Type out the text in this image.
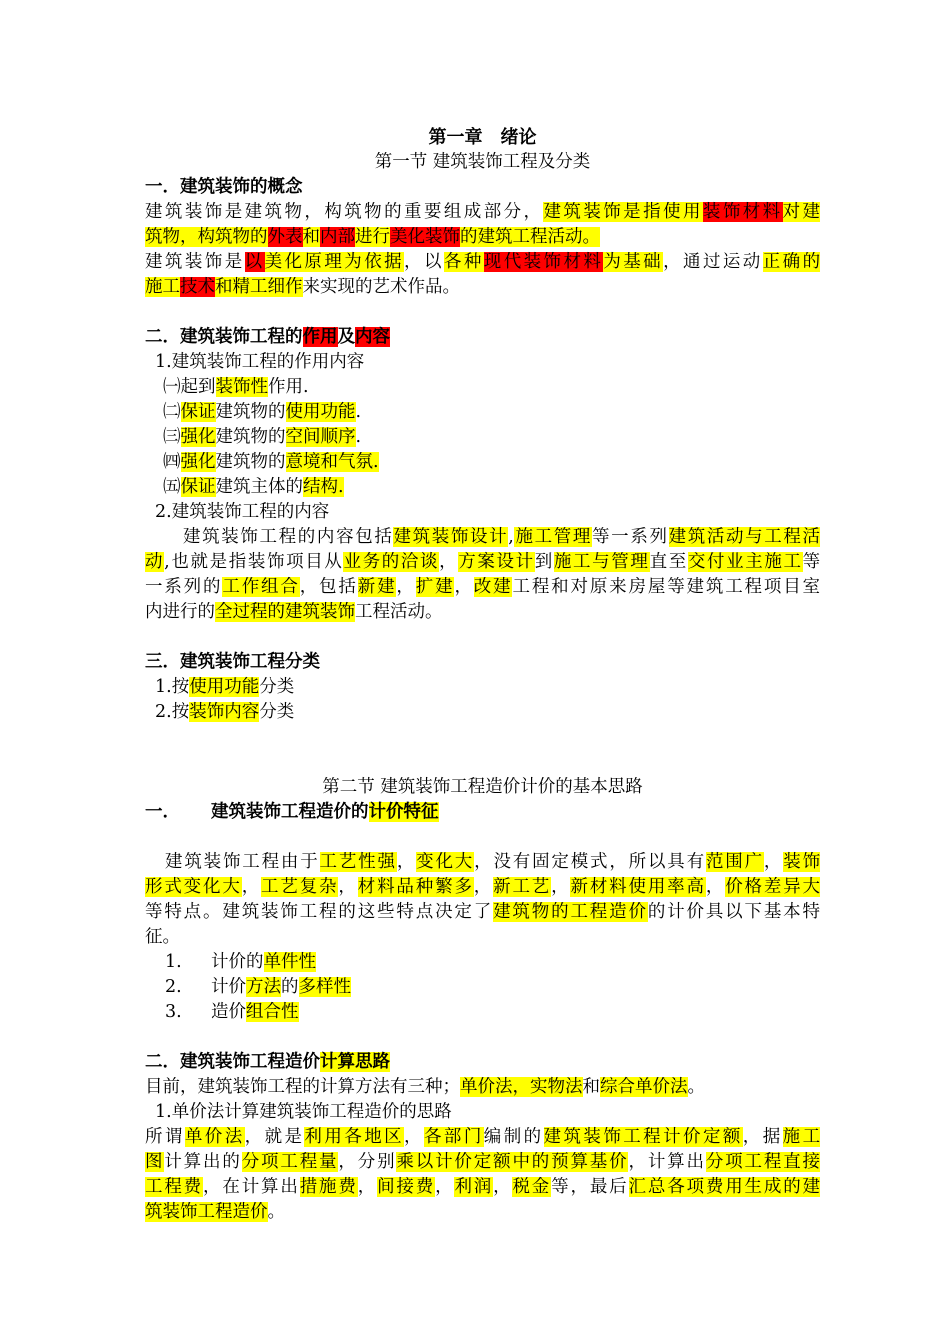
第一章　绪论
第一节 建筑装饰工程及分类
一．建筑装饰的概念
建筑装饰是建筑物，构筑物的重要组成部分，建筑装饰是指使用装饰材料对建
筑物，构筑物的外表和内部进行美化装饰的建筑工程活动。
建筑装饰是以美化原理为依据，以各种现代装饰材料为基础，通过运动正确的
施工技术和精工细作来实现的艺术作品。
二．建筑装饰工程的作用及内容
1.建筑装饰工程的作用内容
㈠起到装饰性作用.
㈡保证建筑物的使用功能.
㈢强化建筑物的空间顺序.
㈣强化建筑物的意境和气氛.
㈤保证建筑主体的结构.
2.建筑装饰工程的内容
建筑装饰工程的内容包括建筑装饰设计,施工管理等一系列建筑活动与工程活
动,也就是指装饰项目从业务的洽谈，方案设计到施工与管理直至交付业主施工等
一系列的工作组合，包括新建，扩建，改建工程和对原来房屋等建筑工程项目室
内进行的全过程的建筑装饰工程活动。
三．建筑装饰工程分类
1.按使用功能分类
2.按装饰内容分类
第二节 建筑装饰工程造价计价的基本思路
一． 建筑装饰工程造价的计价特征
建筑装饰工程由于工艺性强，变化大，没有固定模式，所以具有范围广，装饰
形式变化大，工艺复杂，材料品种繁多，新工艺，新材料使用率高，价格差异大
等特点。建筑装饰工程的这些特点决定了建筑物的工程造价的计价具以下基本特
征。
1. 计价的单件性
2. 计价方法的多样性
3. 造价组合性
二．建筑装饰工程造价计算思路
目前，建筑装饰工程的计算方法有三种；单价法，实物法和综合单价法。
1.单价法计算建筑装饰工程造价的思路
所谓单价法，就是利用各地区，各部门编制的建筑装饰工程计价定额，据施工
图计算出的分项工程量，分别乘以计价定额中的预算基价，计算出分项工程直接
工程费，在计算出措施费，间接费，利润，税金等，最后汇总各项费用生成的建
筑装饰工程造价。
